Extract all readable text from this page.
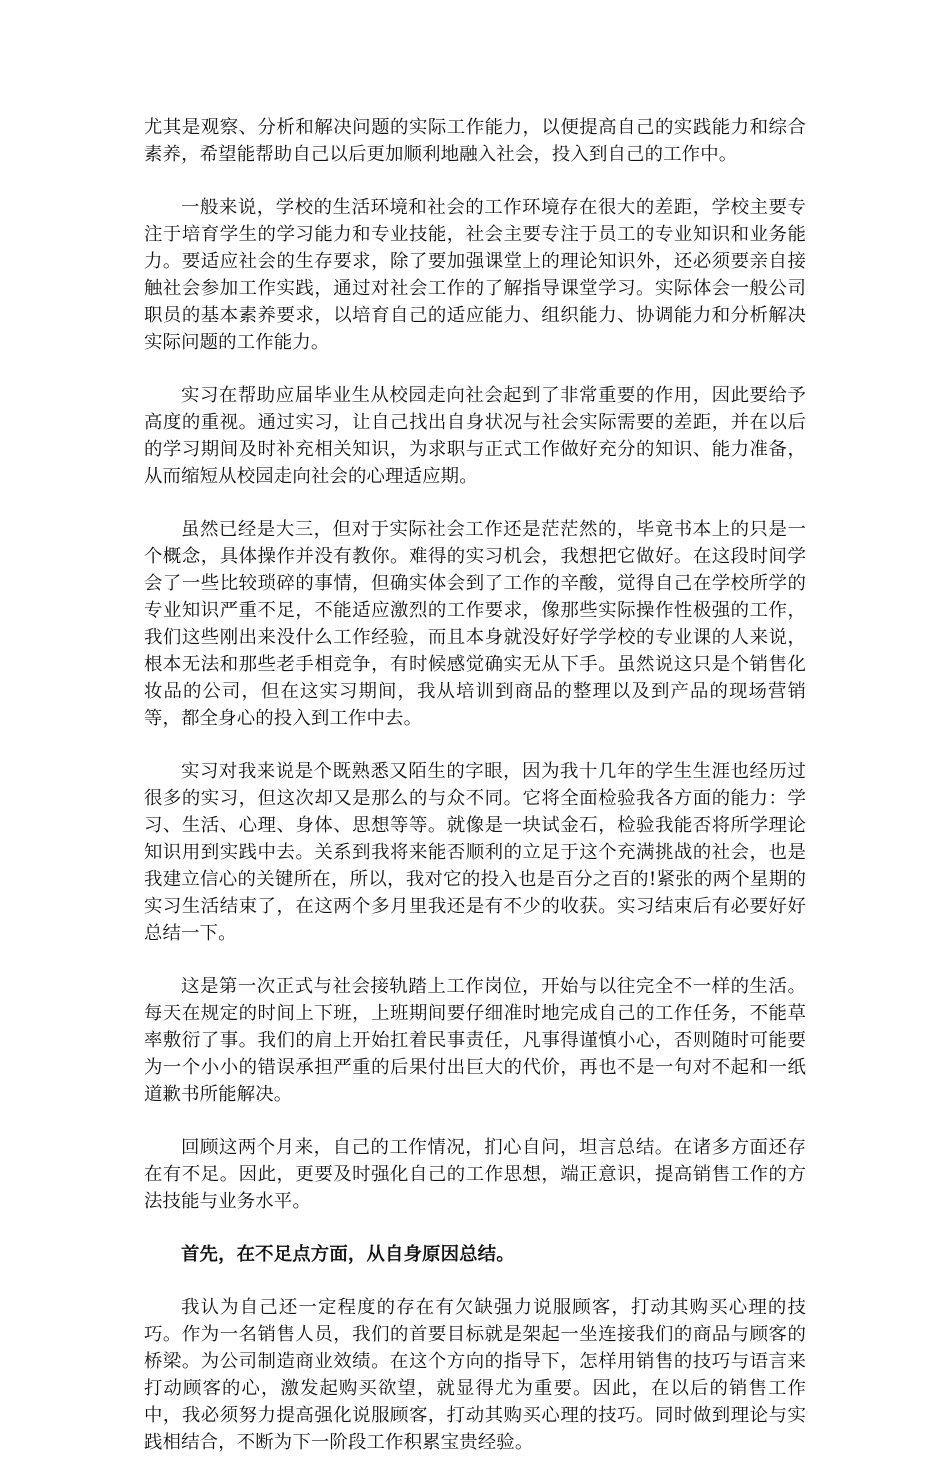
尤其是观察、分析和解决问题的实际工作能力，以便提高自己的实践能力和综合素养，希望能帮助自己以后更加顺利地融入社会，投入到自己的工作中。

一般来说，学校的生活环境和社会的工作环境存在很大的差距，学校主要专注于培育学生的学习能力和专业技能，社会主要专注于员工的专业知识和业务能力。要适应社会的生存要求，除了要加强课堂上的理论知识外，还必须要亲自接触社会参加工作实践，通过对社会工作的了解指导课堂学习。实际体会一般公司职员的基本素养要求，以培育自己的适应能力、组织能力、协调能力和分析解决实际问题的工作能力。

实习在帮助应届毕业生从校园走向社会起到了非常重要的作用，因此要给予高度的重视。通过实习，让自己找出自身状况与社会实际需要的差距，并在以后的学习期间及时补充相关知识，为求职与正式工作做好充分的知识、能力准备，从而缩短从校园走向社会的心理适应期。

虽然已经是大三，但对于实际社会工作还是茫茫然的，毕竟书本上的只是一个概念，具体操作并没有教你。难得的实习机会，我想把它做好。在这段时间学会了一些比较琐碎的事情，但确实体会到了工作的辛酸，觉得自己在学校所学的专业知识严重不足，不能适应激烈的工作要求，像那些实际操作性极强的工作，我们这些刚出来没什么工作经验，而且本身就没好好学学校的专业课的人来说，根本无法和那些老手相竞争，有时候感觉确实无从下手。虽然说这只是个销售化妆品的公司，但在这实习期间，我从培训到商品的整理以及到产品的现场营销等，都全身心的投入到工作中去。

实习对我来说是个既熟悉又陌生的字眼，因为我十几年的学生生涯也经历过很多的实习，但这次却又是那么的与众不同。它将全面检验我各方面的能力：学习、生活、心理、身体、思想等等。就像是一块试金石，检验我能否将所学理论知识用到实践中去。关系到我将来能否顺利的立足于这个充满挑战的社会，也是我建立信心的关键所在，所以，我对它的投入也是百分之百的!紧张的两个星期的实习生活结束了，在这两个多月里我还是有不少的收获。实习结束后有必要好好总结一下。

这是第一次正式与社会接轨踏上工作岗位，开始与以往完全不一样的生活。每天在规定的时间上下班，上班期间要仔细准时地完成自己的工作任务，不能草率敷衍了事。我们的肩上开始扛着民事责任，凡事得谨慎小心，否则随时可能要为一个小小的错误承担严重的后果付出巨大的代价，再也不是一句对不起和一纸道歉书所能解决。

回顾这两个月来，自己的工作情况，扪心自问，坦言总结。在诸多方面还存在有不足。因此，更要及时强化自己的工作思想，端正意识，提高销售工作的方法技能与业务水平。

首先，在不足点方面，从自身原因总结。

我认为自己还一定程度的存在有欠缺强力说服顾客，打动其购买心理的技巧。作为一名销售人员，我们的首要目标就是架起一坐连接我们的商品与顾客的桥梁。为公司制造商业效绩。在这个方向的指导下，怎样用销售的技巧与语言来打动顾客的心，激发起购买欲望，就显得尤为重要。因此，在以后的销售工作中，我必须努力提高强化说服顾客，打动其购买心理的技巧。同时做到理论与实践相结合，不断为下一阶段工作积累宝贵经验。
